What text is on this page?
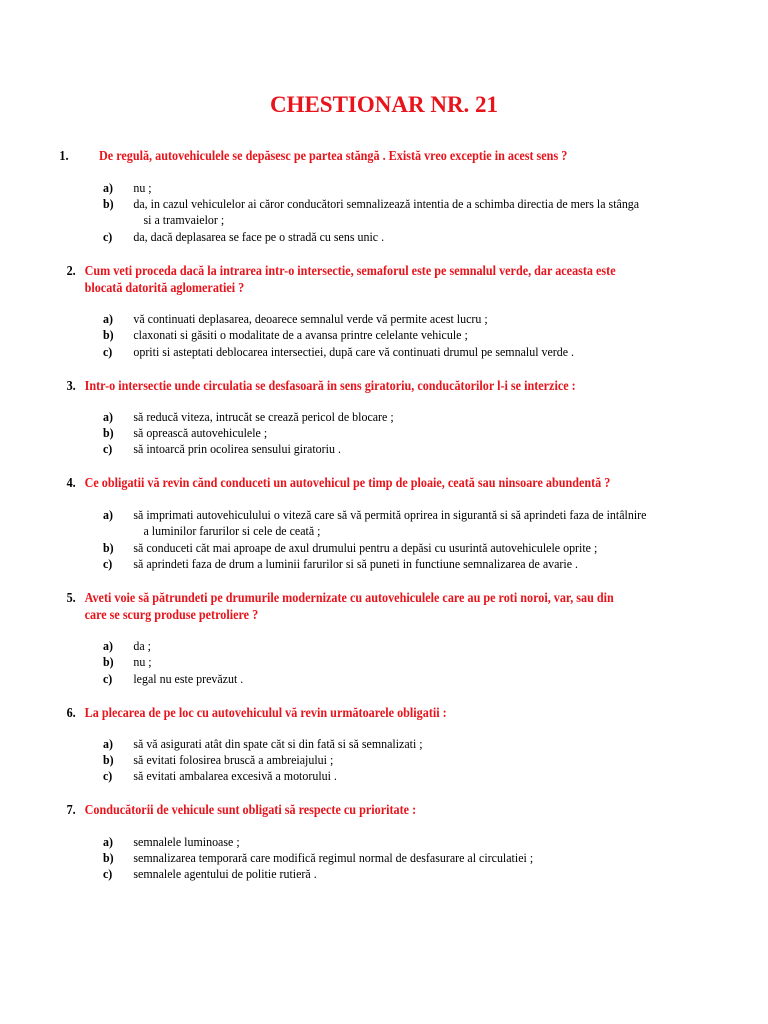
CHESTIONAR NR. 21
1. De regulă, autovehiculele se depăsesc pe partea stăngă . Există vreo exceptie in acest sens ?
a) nu ;
b) da, in cazul vehiculelor ai căror conducători semnalizează intentia de a schimba directia de mers la stânga
si a tramvaielor ;
c) da, dacă deplasarea se face pe o stradă cu sens unic .
2. Cum veti proceda dacă la intrarea intr-o intersectie, semaforul este pe semnalul verde, dar aceasta este
blocată datorită aglomeratiei ?
a) vă continuati deplasarea, deoarece semnalul verde vă permite acest lucru ;
b) claxonati si găsiti o modalitate de a avansa printre celelante vehicule ;
c) opriti si asteptati deblocarea intersectiei, după care vă continuati drumul pe semnalul verde .
3. Intr-o intersectie unde circulatia se desfasoară in sens giratoriu, conducătorilor l-i se interzice :
a) să reducă viteza, intrucăt se crează pericol de blocare ;
b) să oprească autovehiculele ;
c) să intoarcă prin ocolirea sensului giratoriu .
4. Ce obligatii vă revin cănd conduceti un autovehicul pe timp de ploaie, ceată sau ninsoare abundentă ?
a) să imprimati autovehiculului o viteză care să vă permită oprirea in sigurantă si să aprindeti faza de intâlnire
a luminilor farurilor si cele de ceată ;
b) să conduceti căt mai aproape de axul drumului pentru a depăsi cu usurintă autovehiculele oprite ;
c) să aprindeti faza de drum a luminii farurilor si să puneti in functiune semnalizarea de avarie .
5. Aveti voie să pătrundeti pe drumurile modernizate cu autovehiculele care au pe roti noroi, var, sau din
care se scurg produse petroliere ?
a) da ;
b) nu ;
c) legal nu este prevăzut .
6. La plecarea de pe loc cu autovehiculul vă revin următoarele obligatii :
a) să vă asigurati atât din spate căt si din fată si să semnalizati ;
b) să evitati folosirea bruscă a ambreiajului ;
c) să evitati ambalarea excesivă a motorului .
7. Conducătorii de vehicule sunt obligati să respecte cu prioritate :
a) semnalele luminoase ;
b) semnalizarea temporară care modifică regimul normal de desfasurare al circulatiei ;
c) semnalele agentului de politie rutieră .
